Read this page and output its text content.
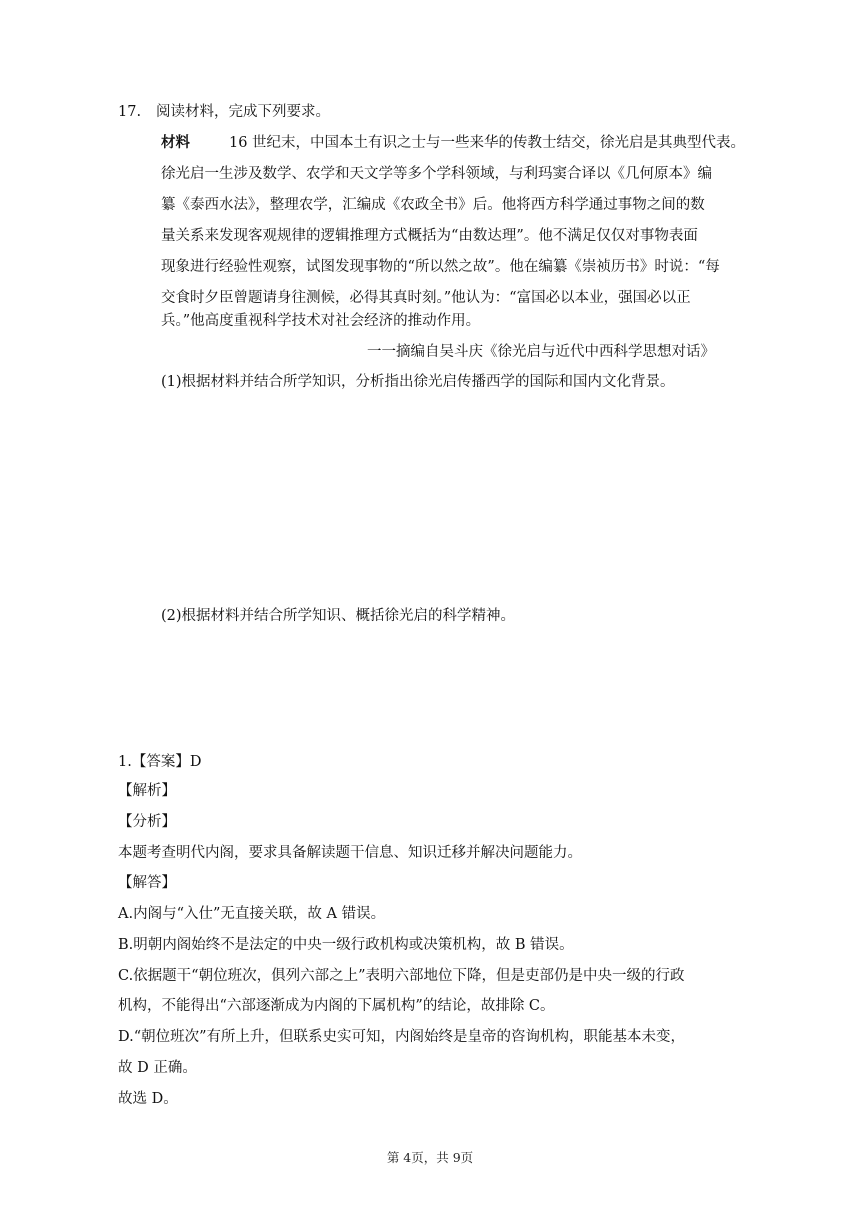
17. 阅读材料，完成下列要求。
材料	16 世纪末，中国本土有识之士与一些来华的传教士结交，徐光启是其典型代表。
徐光启一生涉及数学、农学和天文学等多个学科领域，与利玛窦合译以《几何原本》编
纂《泰西水法》，整理农学，汇编成《农政全书》后。他将西方科学通过事物之间的数
量关系来发现客观规律的逻辑推理方式概括为“由数达理”。他不满足仅仅对事物表面
现象进行经验性观察，试图发现事物的“所以然之故”。他在编纂《崇祯历书》时说：“每
交食时夕臣曾题请身往测候，必得其真时刻。”他认为：“富国必以本业，强国必以正
兵。”他高度重视科学技术对社会经济的推动作用。
一一摘编自吴斗庆《徐光启与近代中西科学思想对话》
(1)根据材料并结合所学知识，分析指出徐光启传播西学的国际和国内文化背景。
(2)根据材料并结合所学知识、概括徐光启的科学精神。
1.【答案】D
【解析】
【分析】
本题考查明代内阁，要求具备解读题干信息、知识迁移并解决问题能力。
【解答】
A.内阁与“入仕”无直接关联，故 A 错误。
B.明朝内阁始终不是法定的中央一级行政机构或决策机构，故 B 错误。
C.依据题干“朝位班次，俱列六部之上”表明六部地位下降，但是吏部仍是中央一级的行政
机构，不能得出“六部逐渐成为内阁的下属机构”的结论，故排除 C。
D.“朝位班次”有所上升，但联系史实可知，内阁始终是皇帝的咨询机构，职能基本未变，
故 D 正确。
故选 D。
第 4页，共 9页
